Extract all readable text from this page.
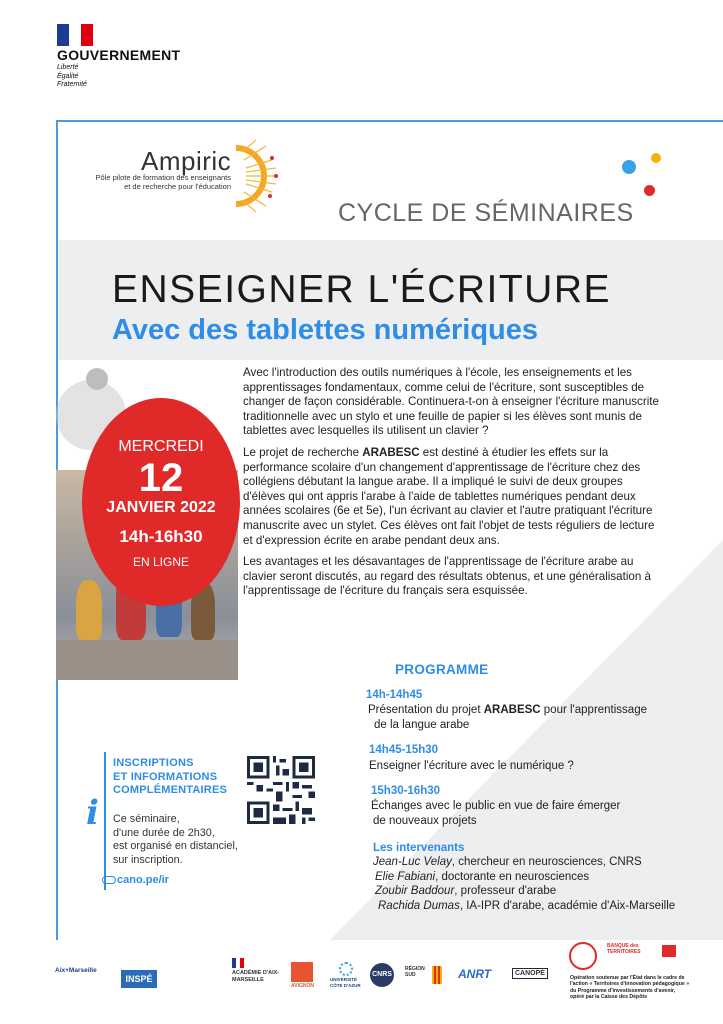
GOUVERNEMENT
Liberté
Égalité
Fraternité
Ampiric
Pôle pilote de formation des enseignants
et de recherche pour l'éducation
CYCLE DE SÉMINAIRES
ENSEIGNER L'ÉCRITURE
Avec des tablettes numériques
MERCREDI
12
JANVIER 2022
14h-16h30
EN LIGNE

Avec l'introduction des outils numériques à l'école, les enseignements et les apprentissages fondamentaux, comme celui de l'écriture, sont susceptibles de changer de façon considérable. Continuera-t-on à enseigner l'écriture manuscrite traditionnelle avec un stylo et une feuille de papier si les élèves sont munis de tablettes avec lesquelles ils utilisent un clavier ?

Le projet de recherche ARABESC est destiné à étudier les effets sur la performance scolaire d'un changement d'apprentissage de l'écriture chez des collégiens débutant la langue arabe. Il a impliqué le suivi de deux groupes d'élèves qui ont appris l'arabe à l'aide de tablettes numériques pendant deux années scolaires (6e et 5e), l'un écrivant au clavier et l'autre pratiquant l'écriture manuscrite avec un stylet. Ces élèves ont fait l'objet de tests réguliers de lecture et d'expression écrite en arabe pendant deux ans.

Les avantages et les désavantages de l'apprentissage de l'écriture arabe au clavier seront discutés, au regard des résultats obtenus, et une généralisation à l'apprentissage de l'écriture du français sera esquissée.

PROGRAMME
14h-14h45
Présentation du projet ARABESC pour l'apprentissage
de la langue arabe
14h45-15h30
Enseigner l'écriture avec le numérique ?
15h30-16h30
Échanges avec le public en vue de faire émerger
de nouveaux projets
Les intervenants
Jean-Luc Velay, chercheur en neurosciences, CNRS
Elie Fabiani, doctorante en neurosciences
Zoubir Baddour, professeur d'arabe
Rachida Dumas, IA-IPR d'arabe, académie d'Aix-Marseille
i
INSCRIPTIONS
ET INFORMATIONS
COMPLÉMENTAIRES
Ce séminaire,
d'une durée de 2h30,
est organisé en distanciel,
sur inscription.
cano.pe/ir
Aix+Marseille
INSPÉ
ACADÉMIE D'AIX-MARSEILLE
AVIGNON
UNIVERSITÉ CÔTE D'AZUR
CNRS
RÉGION SUD	ANRT	CANOPÉ
BANQUE des TERRITOIRES
Opération soutenue par l'État dans le cadre de l'action « Territoires d'innovation pédagogique » du Programme d'investissements d'avenir, opéré par la Caisse des Dépôts
